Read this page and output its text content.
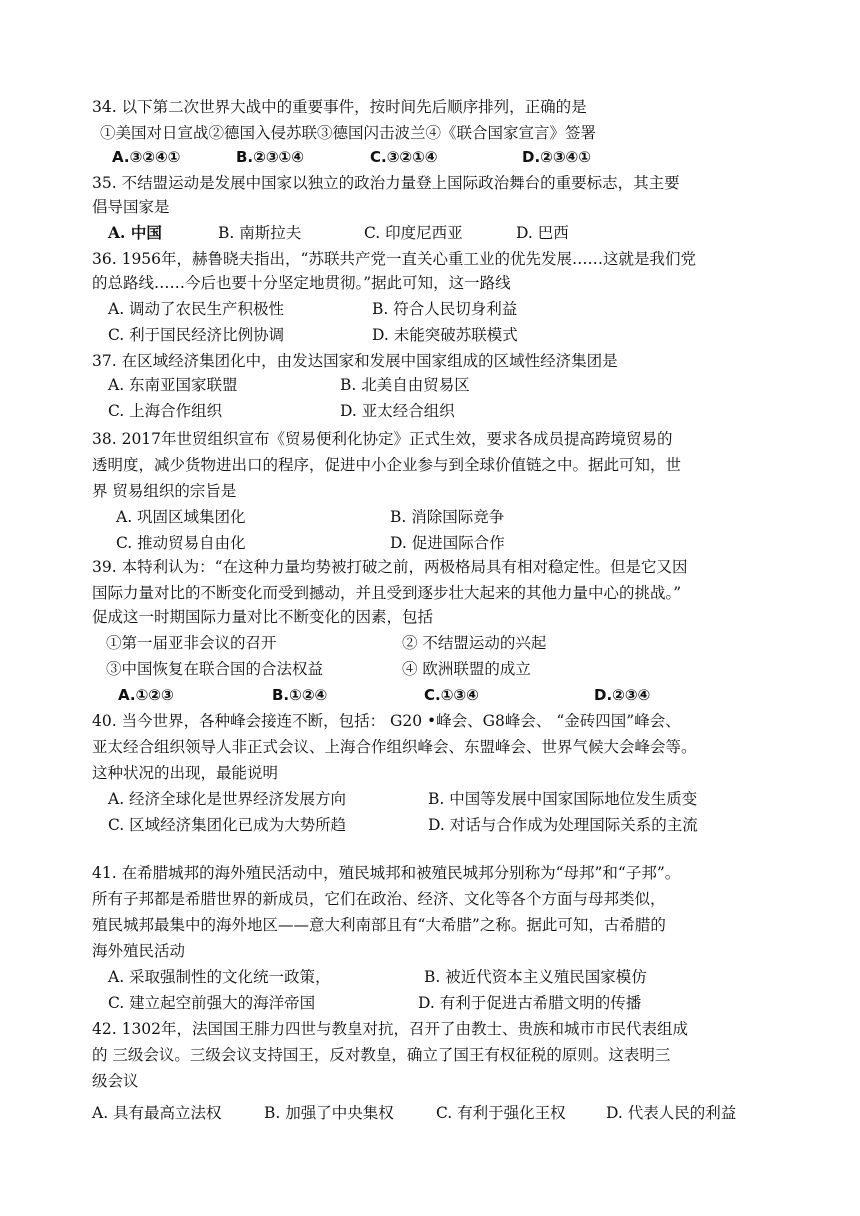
34. 以下第二次世界大战中的重要事件，按时间先后顺序排列，正确的是
①美国对日宣战②德国入侵苏联③德国闪击波兰④《联合国家宣言》签署
A.③②④①	B.②③①④	C.③②①④	D.②③④①
35. 不结盟运动是发展中国家以独立的政治力量登上国际政治舞台的重要标志，其主要
倡导国家是
A. 中国	B. 南斯拉夫	C. 印度尼西亚	D. 巴西
36. 1956年，赫鲁晓夫指出，“苏联共产党一直关心重工业的优先发展……这就是我们党
的总路线……今后也要十分坚定地贯彻。”据此可知，这一路线
A. 调动了农民生产积极性	B. 符合人民切身利益
C. 利于国民经济比例协调	D. 未能突破苏联模式
37. 在区域经济集团化中，由发达国家和发展中国家组成的区域性经济集团是
A. 东南亚国家联盟	B. 北美自由贸易区
C. 上海合作组织	D. 亚太经合组织
38. 2017年世贸组织宣布《贸易便利化协定》正式生效，要求各成员提高跨境贸易的
透明度，减少货物进出口的程序，促进中小企业参与到全球价值链之中。据此可知，世
界 贸易组织的宗旨是
A. 巩固区域集团化	B. 消除国际竞争
C. 推动贸易自由化	D. 促进国际合作
39. 本特利认为：“在这种力量均势被打破之前，两极格局具有相对稳定性。但是它又因
国际力量对比的不断变化而受到撼动，并且受到逐步壮大起来的其他力量中心的挑战。”
促成这一时期国际力量对比不断变化的因素，包括
①第一届亚非会议的召开	② 不结盟运动的兴起
③中国恢复在联合国的合法权益	④ 欧洲联盟的成立
A.①②③	B.①②④	C.①③④	D.②③④
40. 当今世界，各种峰会接连不断，包括： G20 •峰会、G8峰会、 “金砖四国”峰会、
亚太经合组织领导人非正式会议、上海合作组织峰会、东盟峰会、世界气候大会峰会等。
这种状况的出现，最能说明
A. 经济全球化是世界经济发展方向	B. 中国等发展中国家国际地位发生质变
C. 区域经济集团化已成为大势所趋	D. 对话与合作成为处理国际关系的主流
41. 在希腊城邦的海外殖民活动中，殖民城邦和被殖民城邦分别称为“母邦”和“子邦”。
所有子邦都是希腊世界的新成员，它们在政治、经济、文化等各个方面与母邦类似，
殖民城邦最集中的海外地区——意大利南部且有“大希腊”之称。据此可知，古希腊的
海外殖民活动
A. 采取强制性的文化统一政策，	B. 被近代资本主义殖民国家模仿
C. 建立起空前强大的海洋帝国	D. 有利于促进古希腊文明的传播
42. 1302年，法国国王腓力四世与教皇对抗，召开了由教士、贵族和城市市民代表组成
的 三级会议。三级会议支持国王，反对教皇，确立了国王有权征税的原则。这表明三
级会议
A. 具有最高立法权	B. 加强了中央集权	C. 有利于强化王权	D. 代表人民的利益
